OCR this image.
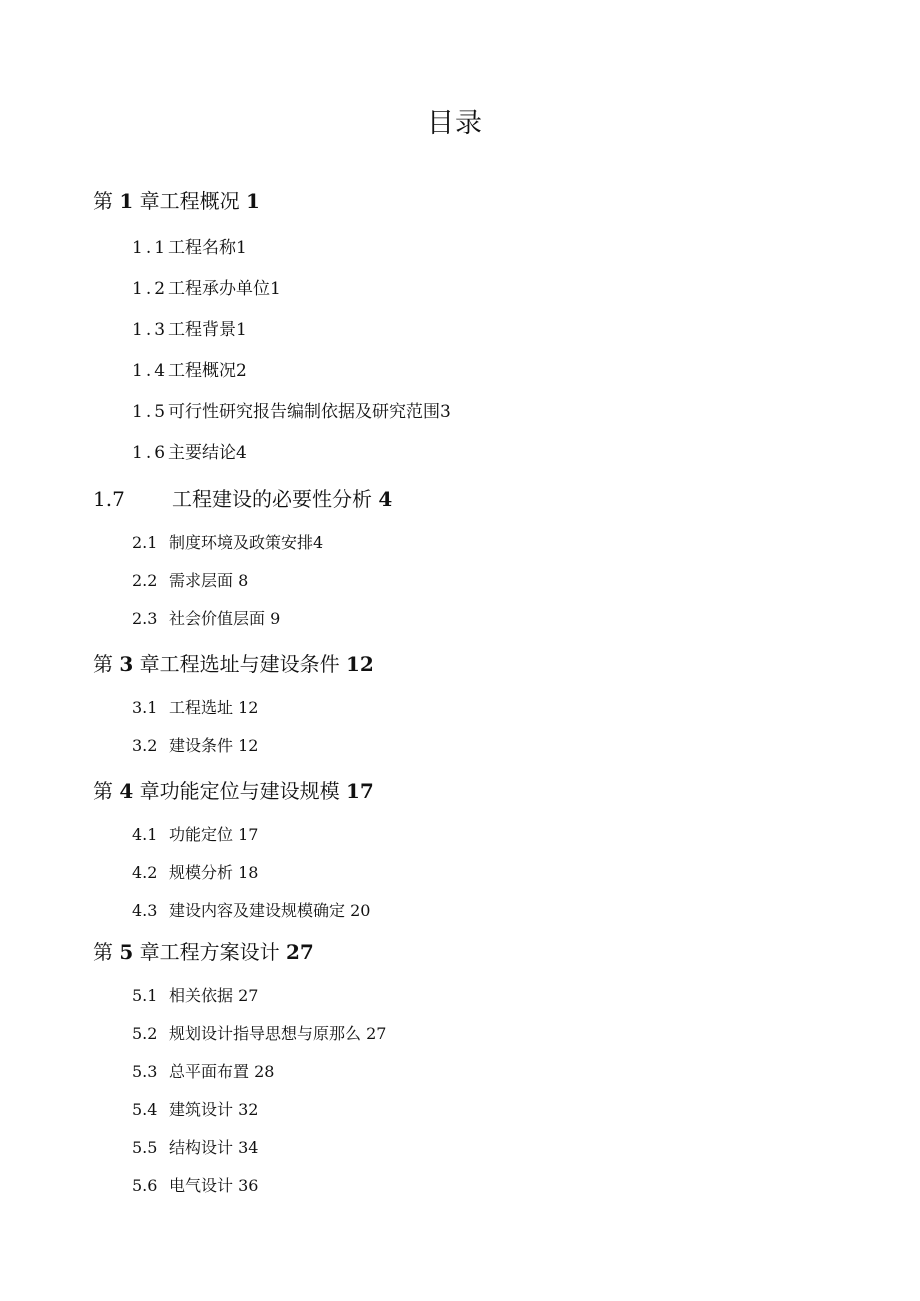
目录
第 1 章工程概况 1
1.1工程名称1
1.2工程承办单位1
1.3工程背景1
1.4工程概况2
1.5可行性研究报告编制依据及研究范围3
1.6主要结论4
1.7 工程建设的必要性分析 4
2.1 制度环境及政策安排4
2.2 需求层面 8
2.3 社会价值层面 9
第 3 章工程选址与建设条件 12
3.1 工程选址 12
3.2 建设条件 12
第 4 章功能定位与建设规模 17
4.1 功能定位 17
4.2 规模分析 18
4.3 建设内容及建设规模确定 20
第 5 章工程方案设计 27
5.1 相关依据 27
5.2 规划设计指导思想与原那么 27
5.3 总平面布置 28
5.4 建筑设计 32
5.5 结构设计 34
5.6 电气设计 36
